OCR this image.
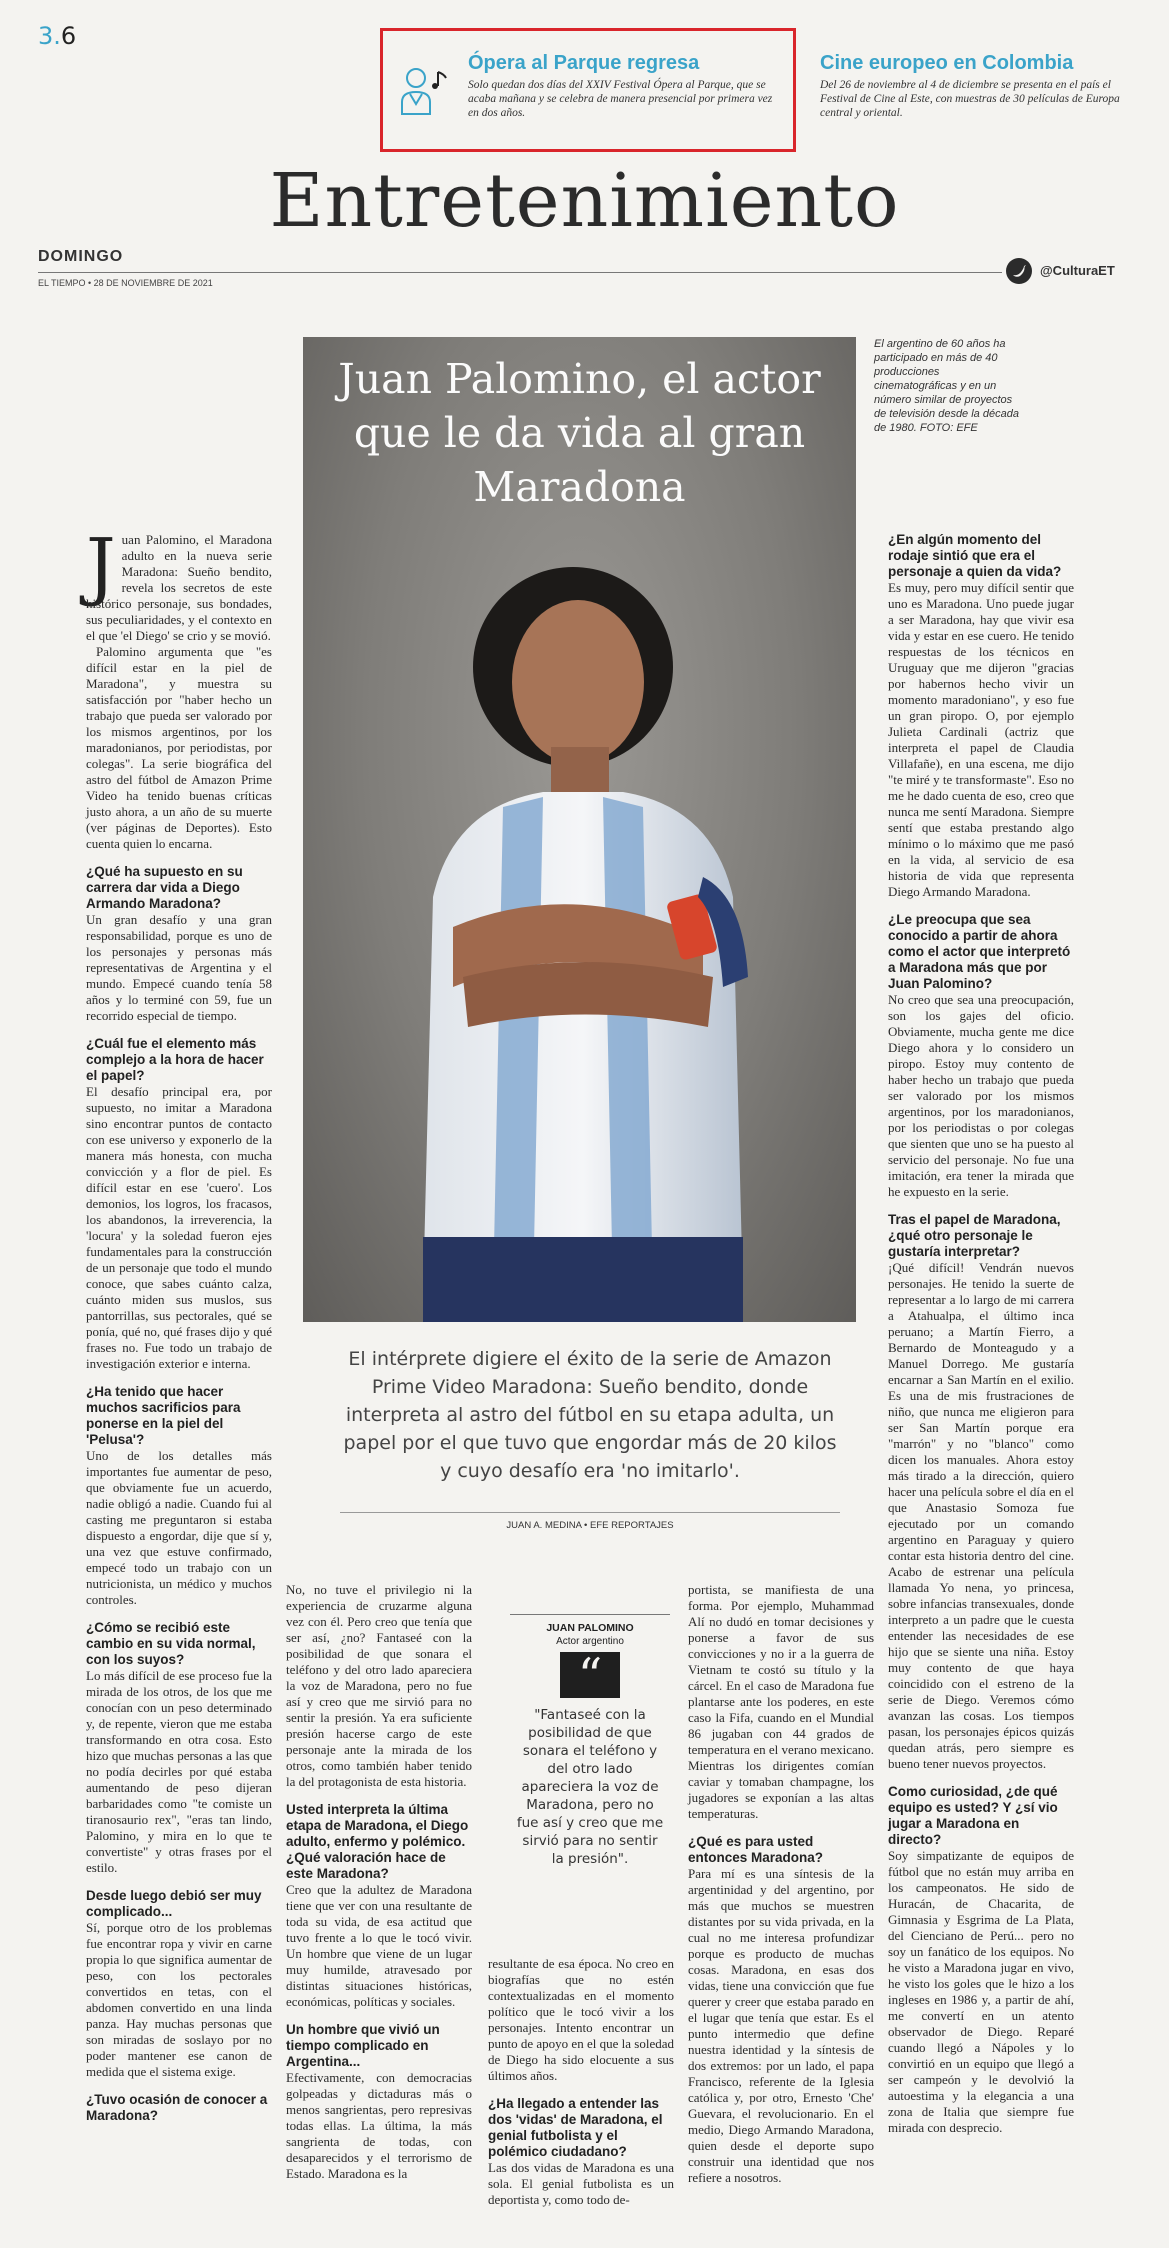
3.6
Ópera al Parque regresa
Solo quedan dos días del XXIV Festival Ópera al Parque, que se acaba mañana y se celebra de manera presencial por primera vez en dos años.
Cine europeo en Colombia
Del 26 de noviembre al 4 de diciembre se presenta en el país el Festival de Cine al Este, con muestras de 30 películas de Europa central y oriental.
Entretenimiento
DOMINGO
EL TIEMPO • 28 DE NOVIEMBRE DE 2021
@CulturaET
Juan Palomino, el actor que le da vida al gran Maradona
El argentino de 60 años ha participado en más de 40 producciones cinematográficas y en un número similar de proyectos de televisión desde la década de 1980. FOTO: EFE
El intérprete digiere el éxito de la serie de Amazon Prime Video Maradona: Sueño bendito, donde interpreta al astro del fútbol en su etapa adulta, un papel por el que tuvo que engordar más de 20 kilos y cuyo desafío era 'no imitarlo'.
JUAN A. MEDINA • EFE REPORTAJES
J uan Palomino, el Maradona adulto en la nueva serie Maradona: Sueño bendito, revela los secretos de este histórico personaje, sus bondades, sus peculiaridades, y el contexto en el que 'el Diego' se crio y se movió.

Palomino argumenta que "es difícil estar en la piel de Maradona", y muestra su satisfacción por "haber hecho un trabajo que pueda ser valorado por los mismos argentinos, por los maradonianos, por periodistas, por colegas". La serie biográfica del astro del fútbol de Amazon Prime Video ha tenido buenas críticas justo ahora, a un año de su muerte (ver páginas de Deportes). Esto cuenta quien lo encarna.

¿Qué ha supuesto en su carrera dar vida a Diego Armando Maradona?

Un gran desafío y una gran responsabilidad, porque es uno de los personajes y personas más representativas de Argentina y el mundo. Empecé cuando tenía 58 años y lo terminé con 59, fue un recorrido especial de tiempo.

¿Cuál fue el elemento más complejo a la hora de hacer el papel?

El desafío principal era, por supuesto, no imitar a Maradona sino encontrar puntos de contacto con ese universo y exponerlo de la manera más honesta, con mucha convicción y a flor de piel. Es difícil estar en ese 'cuero'. Los demonios, los logros, los fracasos, los abandonos, la irreverencia, la 'locura' y la soledad fueron ejes fundamentales para la construcción de un personaje que todo el mundo conoce, que sabes cuánto calza, cuánto miden sus muslos, sus pantorrillas, sus pectorales, qué se ponía, qué no, qué frases dijo y qué frases no. Fue todo un trabajo de investigación exterior e interna.

¿Ha tenido que hacer muchos sacrificios para ponerse en la piel del 'Pelusa'?

Uno de los detalles más importantes fue aumentar de peso, que obviamente fue un acuerdo, nadie obligó a nadie. Cuando fui al casting me preguntaron si estaba dispuesto a engordar, dije que sí y, una vez que estuve confirmado, empecé todo un trabajo con un nutricionista, un médico y muchos controles.

¿Cómo se recibió este cambio en su vida normal, con los suyos?

Lo más difícil de ese proceso fue la mirada de los otros, de los que me conocían con un peso determinado y, de repente, vieron que me estaba transformando en otra cosa. Esto hizo que muchas personas a las que no podía decirles por qué estaba aumentando de peso dijeran barbaridades como "te comiste un tiranosaurio rex", "eras tan lindo, Palomino, y mira en lo que te convertiste" y otras frases por el estilo.

Desde luego debió ser muy complicado...

Sí, porque otro de los problemas fue encontrar ropa y vivir en carne propia lo que significa aumentar de peso, con los pectorales convertidos en tetas, con el abdomen convertido en una linda panza. Hay muchas personas que son miradas de soslayo por no poder mantener ese canon de medida que el sistema exige.

¿Tuvo ocasión de conocer a Maradona?

No, no tuve el privilegio ni la experiencia de cruzarme alguna vez con él. Pero creo que tenía que ser así, ¿no? Fantaseé con la posibilidad de que sonara el teléfono y del otro lado apareciera la voz de Maradona, pero no fue así y creo que me sirvió para no sentir la presión. Ya era suficiente presión hacerse cargo de este personaje ante la mirada de los otros, como también haber tenido la del protagonista de esta historia.

Usted interpreta la última etapa de Maradona, el Diego adulto, enfermo y polémico. ¿Qué valoración hace de este Maradona?

Creo que la adultez de Maradona tiene que ver con una resultante de toda su vida, de esa actitud que tuvo frente a lo que le tocó vivir. Un hombre que viene de un lugar muy humilde, atravesado por distintas situaciones históricas, económicas, políticas y sociales.

Un hombre que vivió un tiempo complicado en Argentina...

Efectivamente, con democracias golpeadas y dictaduras más o menos sangrientas, pero represivas todas ellas. La última, la más sangrienta de todas, con desaparecidos y el terrorismo de Estado. Maradona es la

JUAN PALOMINO
Actor argentino
“
"Fantaseé con la posibilidad de que sonara el teléfono y del otro lado apareciera la voz de Maradona, pero no fue así y creo que me sirvió para no sentir la presión".

resultante de esa época. No creo en biografías que no estén contextualizadas en el momento político que le tocó vivir a los personajes. Intento encontrar un punto de apoyo en el que la soledad de Diego ha sido elocuente a sus últimos años.

¿Ha llegado a entender las dos 'vidas' de Maradona, el genial futbolista y el polémico ciudadano?

Las dos vidas de Maradona es una sola. El genial futbolista es un deportista y, como todo de-

portista, se manifiesta de una forma. Por ejemplo, Muhammad Alí no dudó en tomar decisiones y ponerse a favor de sus convicciones y no ir a la guerra de Vietnam te costó su título y la cárcel. En el caso de Maradona fue plantarse ante los poderes, en este caso la Fifa, cuando en el Mundial 86 jugaban con 44 grados de temperatura en el verano mexicano. Mientras los dirigentes comían caviar y tomaban champagne, los jugadores se exponían a las altas temperaturas.

¿Qué es para usted entonces Maradona?

Para mí es una síntesis de la argentinidad y del argentino, por más que muchos se muestren distantes por su vida privada, en la cual no me interesa profundizar porque es producto de muchas cosas. Maradona, en esas dos vidas, tiene una convicción que fue querer y creer que estaba parado en el lugar que tenía que estar. Es el punto intermedio que define nuestra identidad y la síntesis de dos extremos: por un lado, el papa Francisco, referente de la Iglesia católica y, por otro, Ernesto 'Che' Guevara, el revolucionario. En el medio, Diego Armando Maradona, quien desde el deporte supo construir una identidad que nos refiere a nosotros.

¿En algún momento del rodaje sintió que era el personaje a quien da vida?

Es muy, pero muy difícil sentir que uno es Maradona. Uno puede jugar a ser Maradona, hay que vivir esa vida y estar en ese cuero. He tenido respuestas de los técnicos en Uruguay que me dijeron "gracias por habernos hecho vivir un momento maradoniano", y eso fue un gran piropo. O, por ejemplo Julieta Cardinali (actriz que interpreta el papel de Claudia Villafañe), en una escena, me dijo "te miré y te transformaste". Eso no me he dado cuenta de eso, creo que nunca me sentí Maradona. Siempre sentí que estaba prestando algo mínimo o lo máximo que me pasó en la vida, al servicio de esa historia de vida que representa Diego Armando Maradona.

¿Le preocupa que sea conocido a partir de ahora como el actor que interpretó a Maradona más que por Juan Palomino?

No creo que sea una preocupación, son los gajes del oficio. Obviamente, mucha gente me dice Diego ahora y lo considero un piropo. Estoy muy contento de haber hecho un trabajo que pueda ser valorado por los mismos argentinos, por los maradonianos, por los periodistas o por colegas que sienten que uno se ha puesto al servicio del personaje. No fue una imitación, era tener la mirada que he expuesto en la serie.

Tras el papel de Maradona, ¿qué otro personaje le gustaría interpretar?

¡Qué difícil! Vendrán nuevos personajes. He tenido la suerte de representar a lo largo de mi carrera a Atahualpa, el último inca peruano; a Martín Fierro, a Bernardo de Monteagudo y a Manuel Dorrego. Me gustaría encarnar a San Martín en el exilio. Es una de mis frustraciones de niño, que nunca me eligieron para ser San Martín porque era "marrón" y no "blanco" como dicen los manuales. Ahora estoy más tirado a la dirección, quiero hacer una película sobre el día en el que Anastasio Somoza fue ejecutado por un comando argentino en Paraguay y quiero contar esta historia dentro del cine. Acabo de estrenar una película llamada Yo nena, yo princesa, sobre infancias transexuales, donde interpreto a un padre que le cuesta entender las necesidades de ese hijo que se siente una niña. Estoy muy contento de que haya coincidido con el estreno de la serie de Diego. Veremos cómo avanzan las cosas. Los tiempos pasan, los personajes épicos quizás quedan atrás, pero siempre es bueno tener nuevos proyectos.

Como curiosidad, ¿de qué equipo es usted? Y ¿sí vio jugar a Maradona en directo?

Soy simpatizante de equipos de fútbol que no están muy arriba en los campeonatos. He sido de Huracán, de Chacarita, de Gimnasia y Esgrima de La Plata, del Cienciano de Perú... pero no soy un fanático de los equipos. No he visto a Maradona jugar en vivo, he visto los goles que le hizo a los ingleses en 1986 y, a partir de ahí, me convertí en un atento observador de Diego. Reparé cuando llegó a Nápoles y lo convirtió en un equipo que llegó a ser campeón y le devolvió la autoestima y la elegancia a una zona de Italia que siempre fue mirada con desprecio.
